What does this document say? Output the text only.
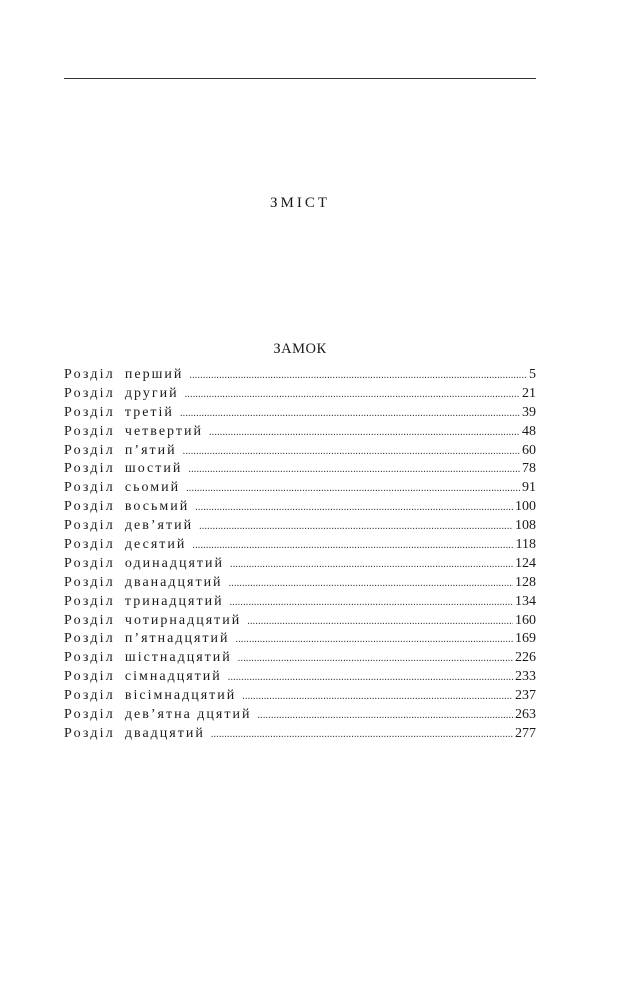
ЗМІСТ
ЗАМОК
Розділ перший .....	5
Розділ другий .....	21
Розділ третій .....	39
Розділ четвертий .....	48
Розділ п’ятий .....	60
Розділ шостий .....	78
Розділ сьомий .....	91
Розділ восьмий .....	100
Розділ дев’ятий .....	108
Розділ десятий .....	118
Розділ одинадцятий .....	124
Розділ дванадцятий .....	128
Розділ тринадцятий .....	134
Розділ чотирнадцятий .....	160
Розділ п’ятнадцятий .....	169
Розділ шістнадцятий .....	226
Розділ сімнадцятий .....	233
Розділ вісімнадцятий .....	237
Розділ дев’ятна дцятий .....	263
Розділ двадцятий .....	277
